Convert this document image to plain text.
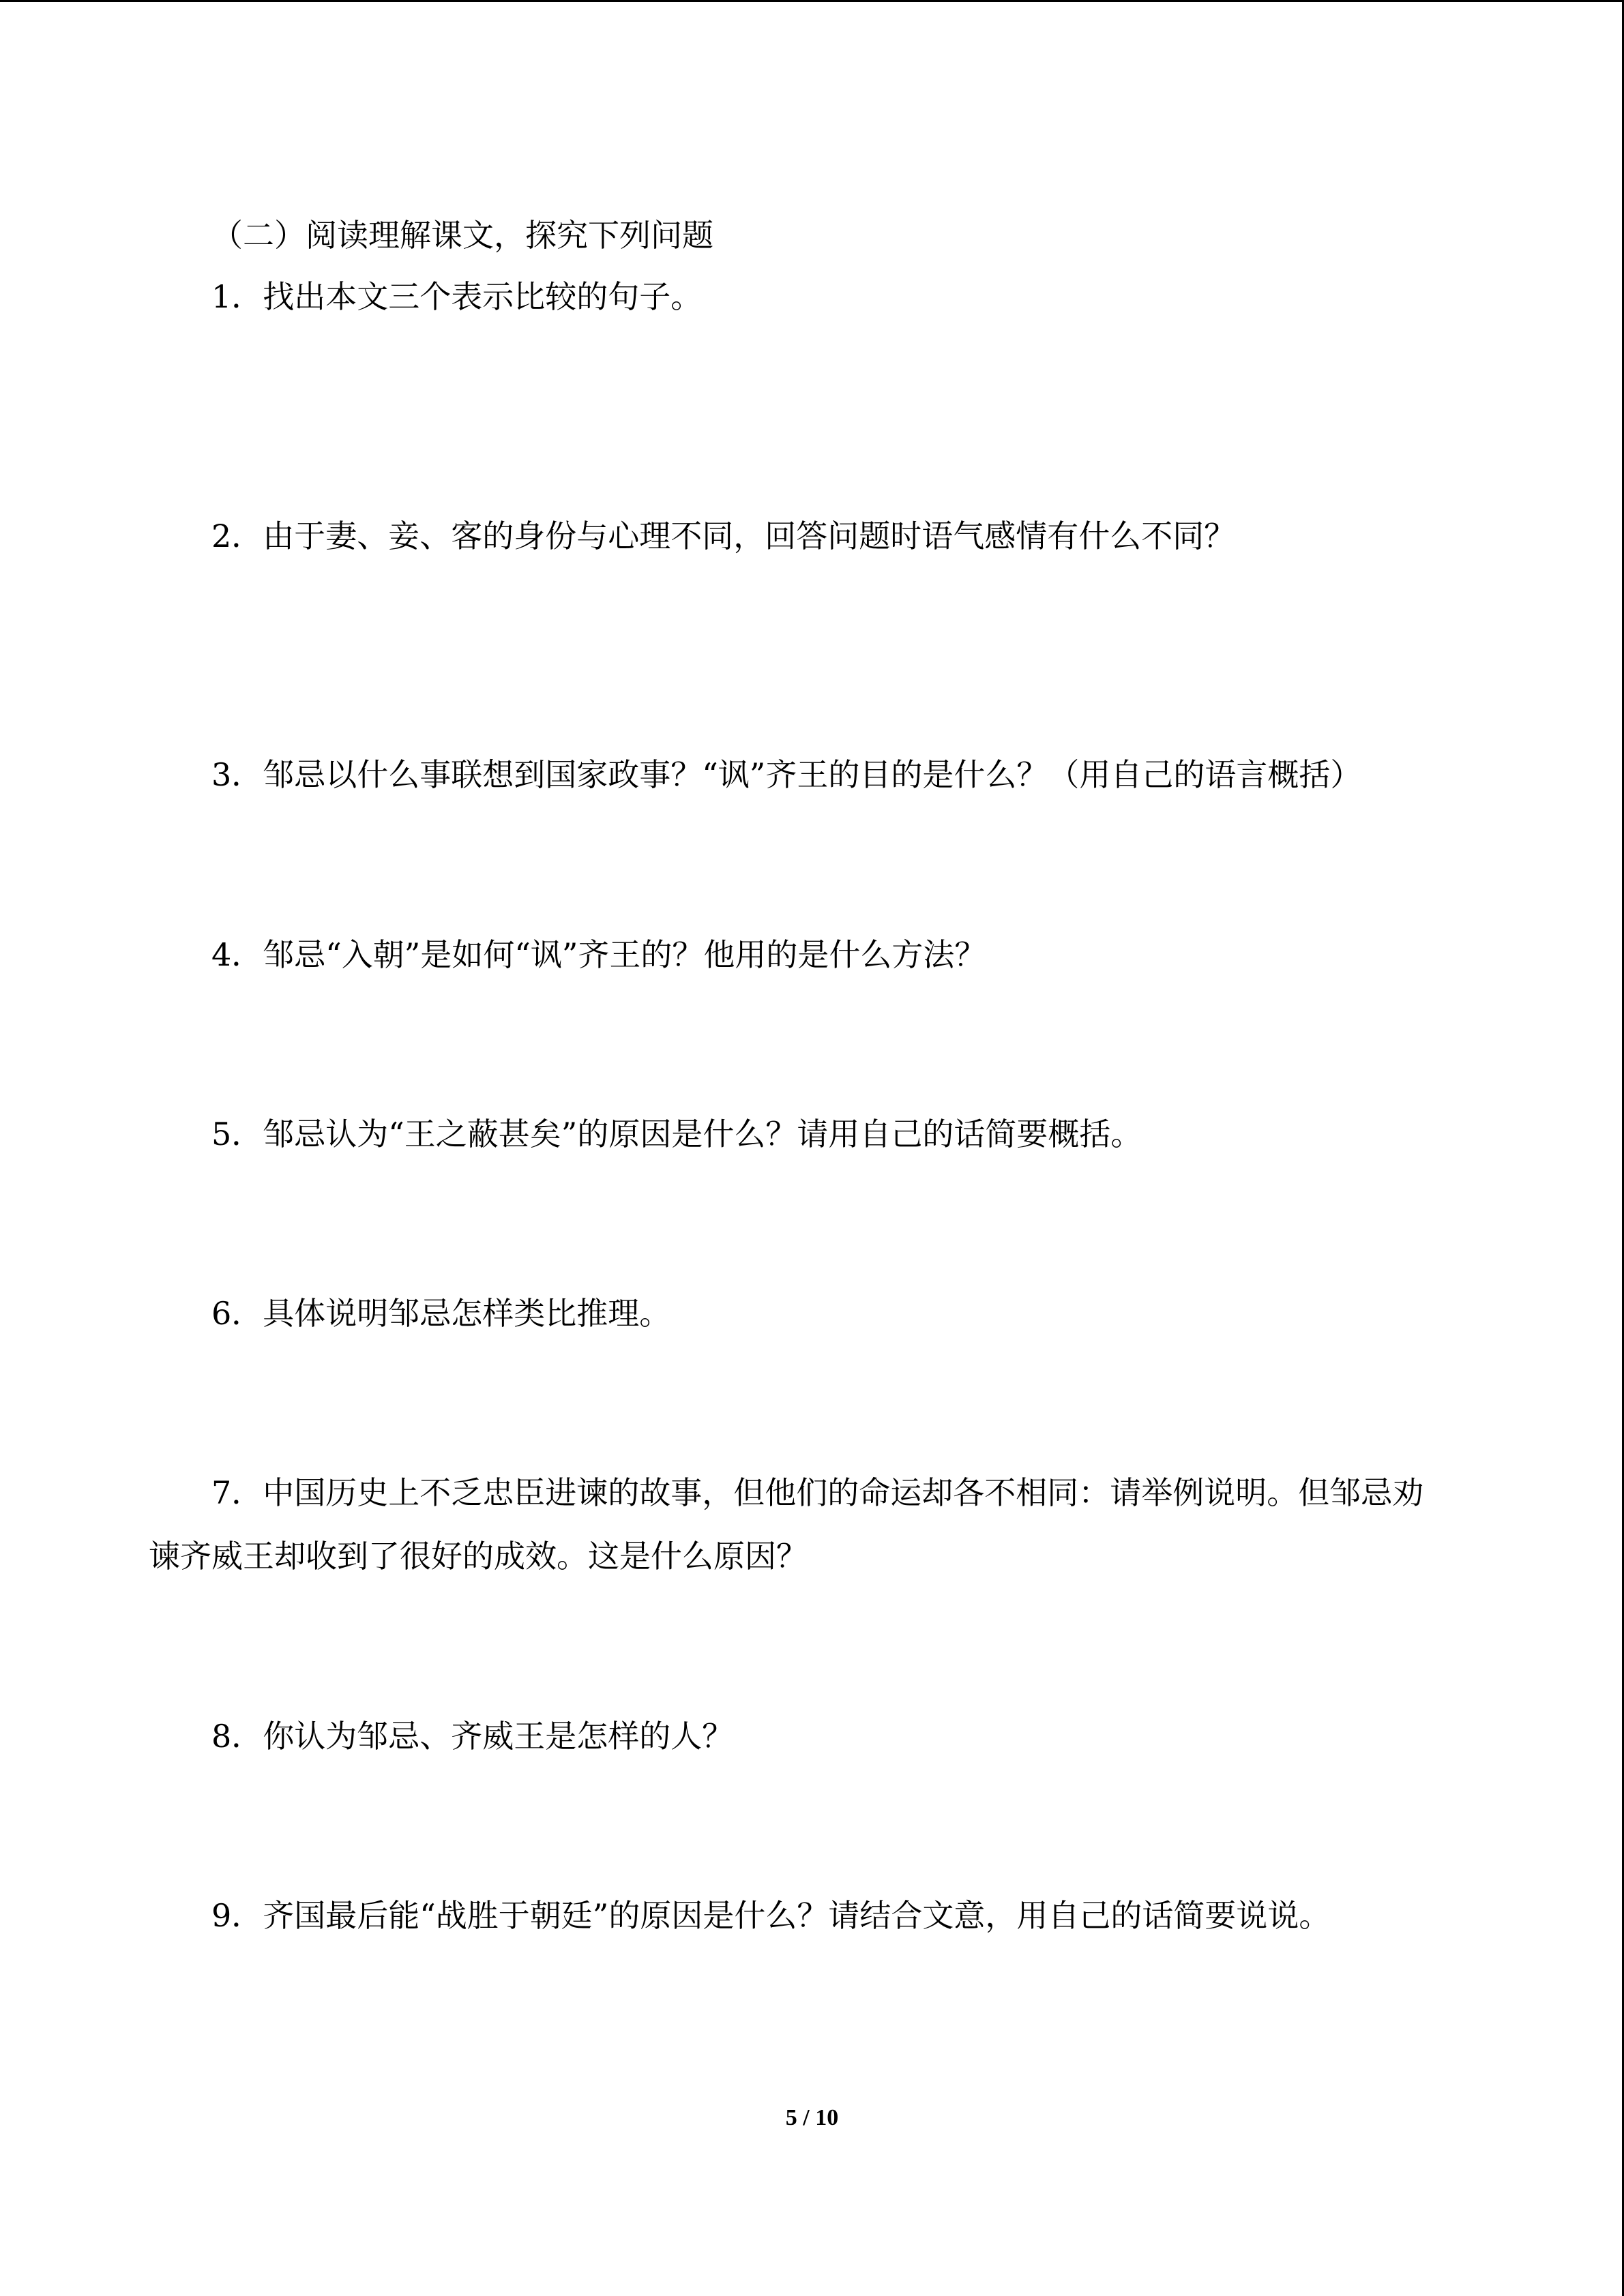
（二）阅读理解课文，探究下列问题
1．找出本文三个表示比较的句子。
2．由于妻、妾、客的身份与心理不同，回答问题时语气感情有什么不同？
3．邹忌以什么事联想到国家政事？“讽”齐王的目的是什么？（用自己的语言概括）
4．邹忌“入朝”是如何“讽”齐王的？他用的是什么方法？
5．邹忌认为“王之蔽甚矣”的原因是什么？请用自己的话简要概括。
6．具体说明邹忌怎样类比推理。
7．中国历史上不乏忠臣进谏的故事，但他们的命运却各不相同：请举例说明。但邹忌劝
谏齐威王却收到了很好的成效。这是什么原因？
8．你认为邹忌、齐威王是怎样的人？
9．齐国最后能“战胜于朝廷”的原因是什么？请结合文意，用自己的话简要说说。
5 / 10
